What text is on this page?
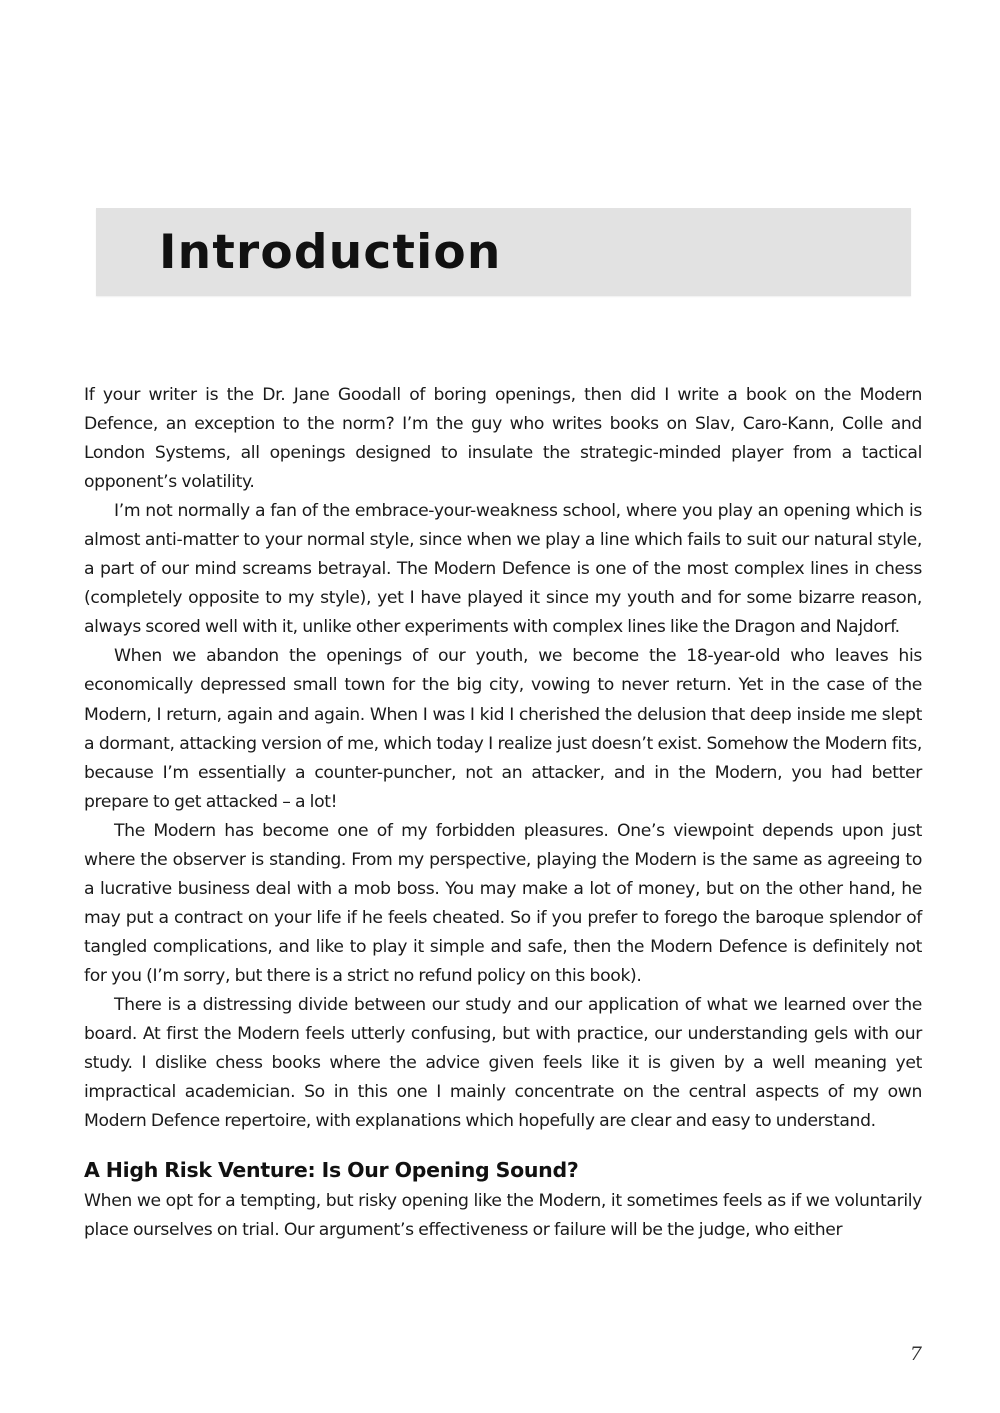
Introduction

If your writer is the Dr. Jane Goodall of boring openings, then did I write a book on the Modern Defence, an exception to the norm? I’m the guy who writes books on Slav, Caro-Kann, Colle and London Systems, all openings designed to insulate the strategic-minded player from a tactical opponent’s volatility.

I’m not normally a fan of the embrace-your-weakness school, where you play an opening which is almost anti-matter to your normal style, since when we play a line which fails to suit our natural style, a part of our mind screams betrayal. The Modern Defence is one of the most complex lines in chess (completely opposite to my style), yet I have played it since my youth and for some bizarre reason, always scored well with it, unlike other experiments with complex lines like the Dragon and Najdorf.

When we abandon the openings of our youth, we become the 18-year-old who leaves his economically depressed small town for the big city, vowing to never return. Yet in the case of the Modern, I return, again and again. When I was I kid I cherished the delusion that deep inside me slept a dormant, attacking version of me, which today I realize just doesn’t exist. Somehow the Modern fits, because I’m essentially a counter-puncher, not an attacker, and in the Modern, you had better prepare to get attacked – a lot!

The Modern has become one of my forbidden pleasures. One’s viewpoint depends upon just where the observer is standing. From my perspective, playing the Modern is the same as agreeing to a lucrative business deal with a mob boss. You may make a lot of money, but on the other hand, he may put a contract on your life if he feels cheated. So if you prefer to forego the baroque splendor of tangled complications, and like to play it simple and safe, then the Modern Defence is definitely not for you (I’m sorry, but there is a strict no refund policy on this book).

There is a distressing divide between our study and our application of what we learned over the board. At first the Modern feels utterly confusing, but with practice, our understanding gels with our study. I dislike chess books where the advice given feels like it is given by a well meaning yet impractical academician. So in this one I mainly concentrate on the central aspects of my own Modern Defence repertoire, with explanations which hopefully are clear and easy to understand.

A High Risk Venture: Is Our Opening Sound?

When we opt for a tempting, but risky opening like the Modern, it sometimes feels as if we voluntarily place ourselves on trial. Our argument’s effectiveness or failure will be the judge, who either

7
